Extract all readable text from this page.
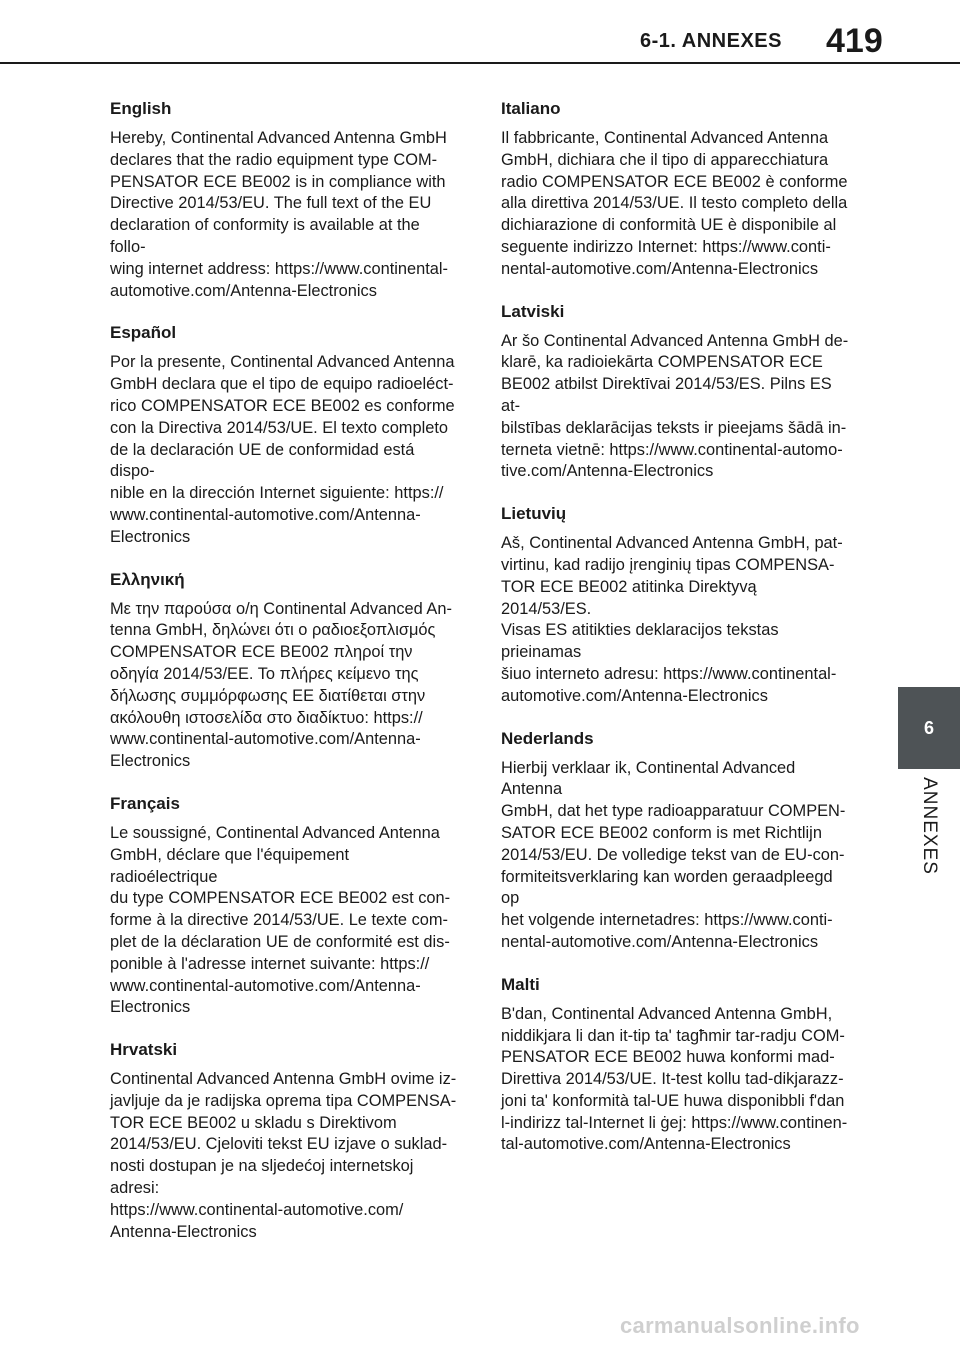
6-1. ANNEXES 419
English

Hereby, Continental Advanced Antenna GmbH
declares that the radio equipment type COM-
PENSATOR ECE BE002 is in compliance with
Directive 2014/53/EU. The full text of the EU
declaration of conformity is available at the follo-
wing internet address: https://www.continental-
automotive.com/Antenna-Electronics

Español

Por la presente, Continental Advanced Antenna
GmbH declara que el tipo de equipo radioeléct-
rico COMPENSATOR ECE BE002 es conforme
con la Directiva 2014/53/UE. El texto completo
de la declaración UE de conformidad está dispo-
nible en la dirección Internet siguiente: https://
www.continental-automotive.com/Antenna-
Electronics

Ελληνική

Με την παρούσα ο/η Continental Advanced An-
tenna GmbH, δηλώνει ότι ο ραδιοεξοπλισμός
COMPENSATOR ECE BE002 πληροί την
οδηγία 2014/53/ΕΕ. Το πλήρες κείμενο της
δήλωσης συμμόρφωσης ΕΕ διατίθεται στην
ακόλουθη ιστοσελίδα στο διαδίκτυο: https://
www.continental-automotive.com/Antenna-
Electronics

Français

Le soussigné, Continental Advanced Antenna
GmbH, déclare que l'équipement radioélectrique
du type COMPENSATOR ECE BE002 est con-
forme à la directive 2014/53/UE. Le texte com-
plet de la déclaration UE de conformité est dis-
ponible à l'adresse internet suivante: https://
www.continental-automotive.com/Antenna-
Electronics

Hrvatski

Continental Advanced Antenna GmbH ovime iz-
javljuje da je radijska oprema tipa COMPENSA-
TOR ECE BE002 u skladu s Direktivom
2014/53/EU. Cjeloviti tekst EU izjave o suklad-
nosti dostupan je na sljedećoj internetskoj adresi:
https://www.continental-automotive.com/
Antenna-Electronics

Italiano

Il fabbricante, Continental Advanced Antenna
GmbH, dichiara che il tipo di apparecchiatura
radio COMPENSATOR ECE BE002 è conforme
alla direttiva 2014/53/UE. Il testo completo della
dichiarazione di conformità UE è disponibile al
seguente indirizzo Internet: https://www.conti-
nental-automotive.com/Antenna-Electronics

Latviski

Ar šo Continental Advanced Antenna GmbH de-
klarē, ka radioiekārta COMPENSATOR ECE
BE002 atbilst Direktīvai 2014/53/ES. Pilns ES at-
bilstības deklarācijas teksts ir pieejams šādā in-
terneta vietnē: https://www.continental-automo-
tive.com/Antenna-Electronics

Lietuvių

Aš, Continental Advanced Antenna GmbH, pat-
virtinu, kad radijo įrenginių tipas COMPENSA-
TOR ECE BE002 atitinka Direktyvą 2014/53/ES.
Visas ES atitikties deklaracijos tekstas prieinamas
šiuo interneto adresu: https://www.continental-
automotive.com/Antenna-Electronics

Nederlands

Hierbij verklaar ik, Continental Advanced Antenna
GmbH, dat het type radioapparatuur COMPEN-
SATOR ECE BE002 conform is met Richtlijn
2014/53/EU. De volledige tekst van de EU-con-
formiteitsverklaring kan worden geraadpleegd op
het volgende internetadres: https://www.conti-
nental-automotive.com/Antenna-Electronics

Malti

B'dan, Continental Advanced Antenna GmbH,
niddikjara li dan it-tip ta' tagħmir tar-radju COM-
PENSATOR ECE BE002 huwa konformi mad-
Direttiva 2014/53/UE. It-test kollu tad-dikjarazz-
joni ta' konformità tal-UE huwa disponibbli f'dan
l-indirizz tal-Internet li ġej: https://www.continen-
tal-automotive.com/Antenna-Electronics

6
ANNEXES
carmanualsonline.info
